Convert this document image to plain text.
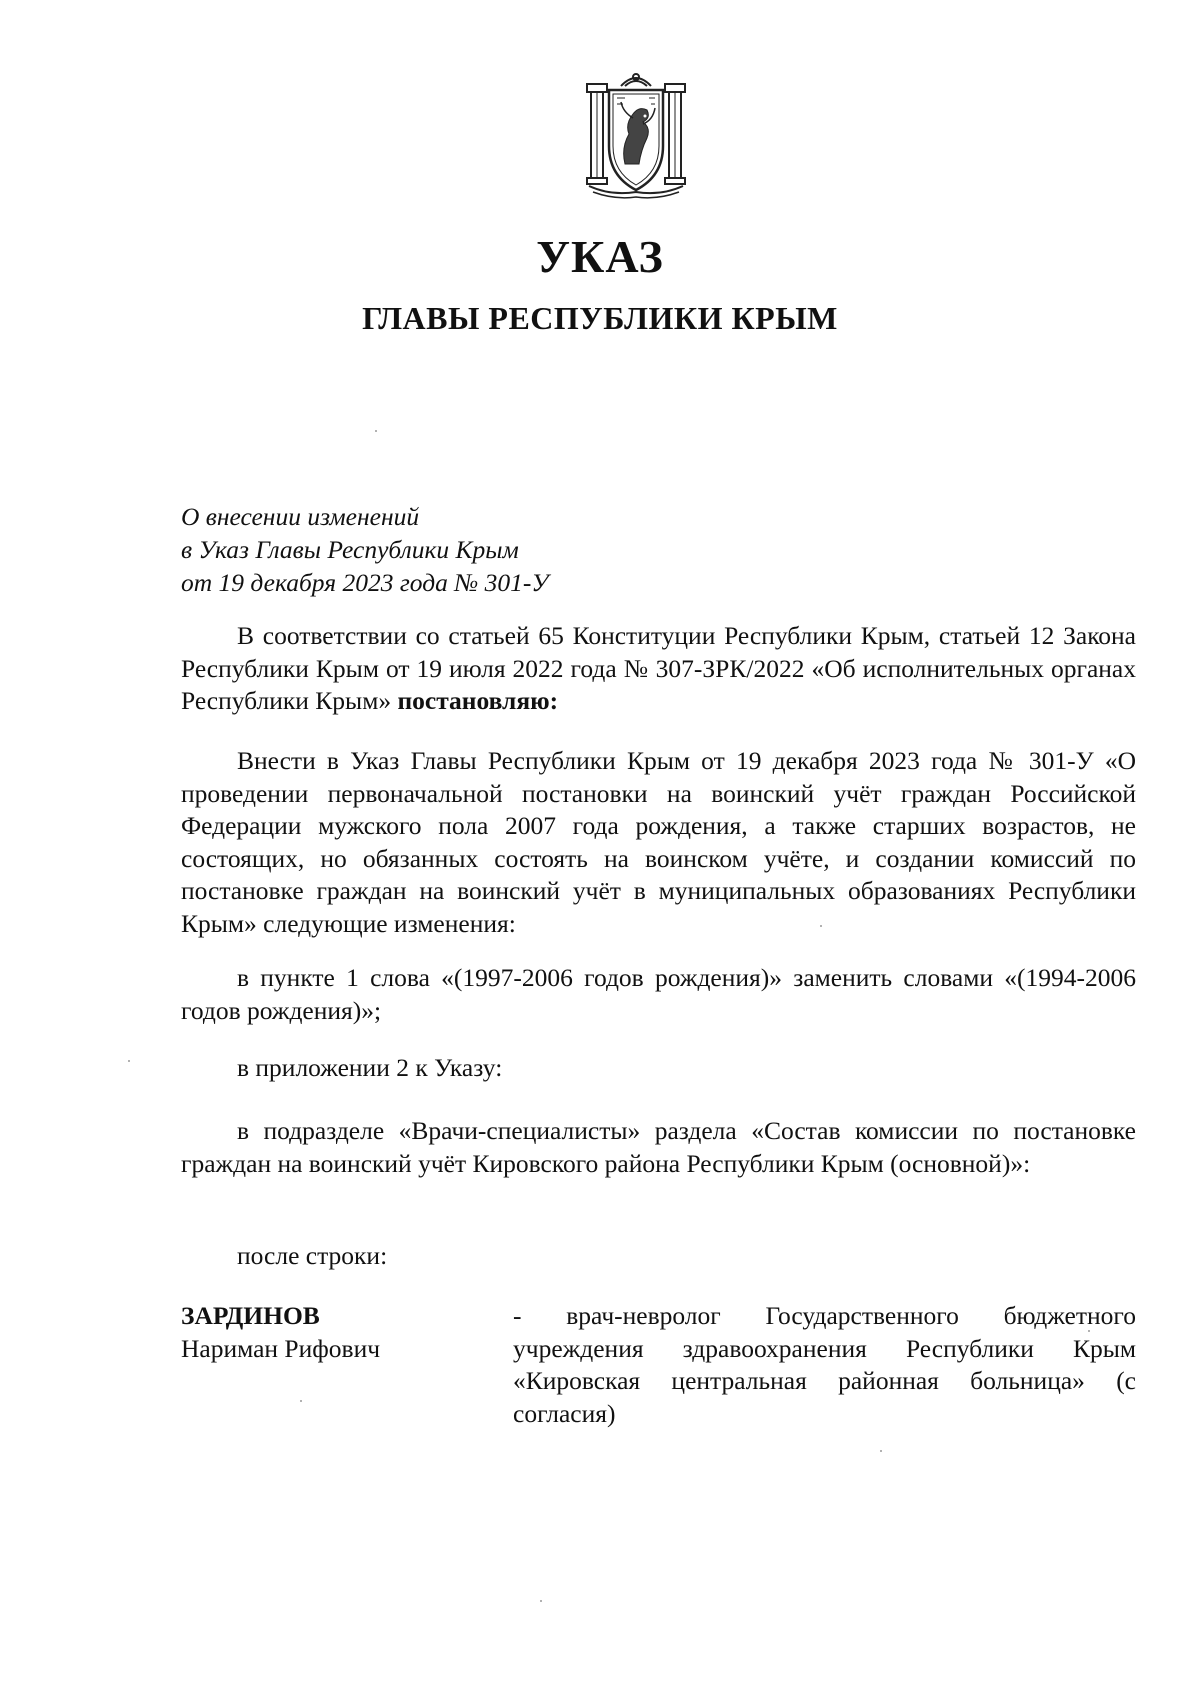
УКАЗ
ГЛАВЫ РЕСПУБЛИКИ КРЫМ
О внесении изменений
в Указ Главы Республики Крым
от 19 декабря 2023 года № 301-У

В соответствии со статьей 65 Конституции Республики Крым, статьей 12 Закона Республики Крым от 19 июля 2022 года № 307-ЗРК/2022 «Об исполнительных органах Республики Крым» постановляю:

Внести в Указ Главы Республики Крым от 19 декабря 2023 года № 301-У «О проведении первоначальной постановки на воинский учёт граждан Российской Федерации мужского пола 2007 года рождения, а также старших возрастов, не состоящих, но обязанных состоять на воинском учёте, и создании комиссий по постановке граждан на воинский учёт в муниципальных образованиях Республики Крым» следующие изменения:

в пункте 1 слова «(1997-2006 годов рождения)» заменить словами «(1994-2006 годов рождения)»;

в приложении 2 к Указу:

в подразделе «Врачи-специалисты» раздела «Состав комиссии по постановке граждан на воинский учёт Кировского района Республики Крым (основной)»:

после строки:

ЗАРДИНОВ
Нариман Рифович
- врач-невролог Государственного бюджетного учреждения здравоохранения Республики Крым «Кировская центральная районная больница» (с согласия)
